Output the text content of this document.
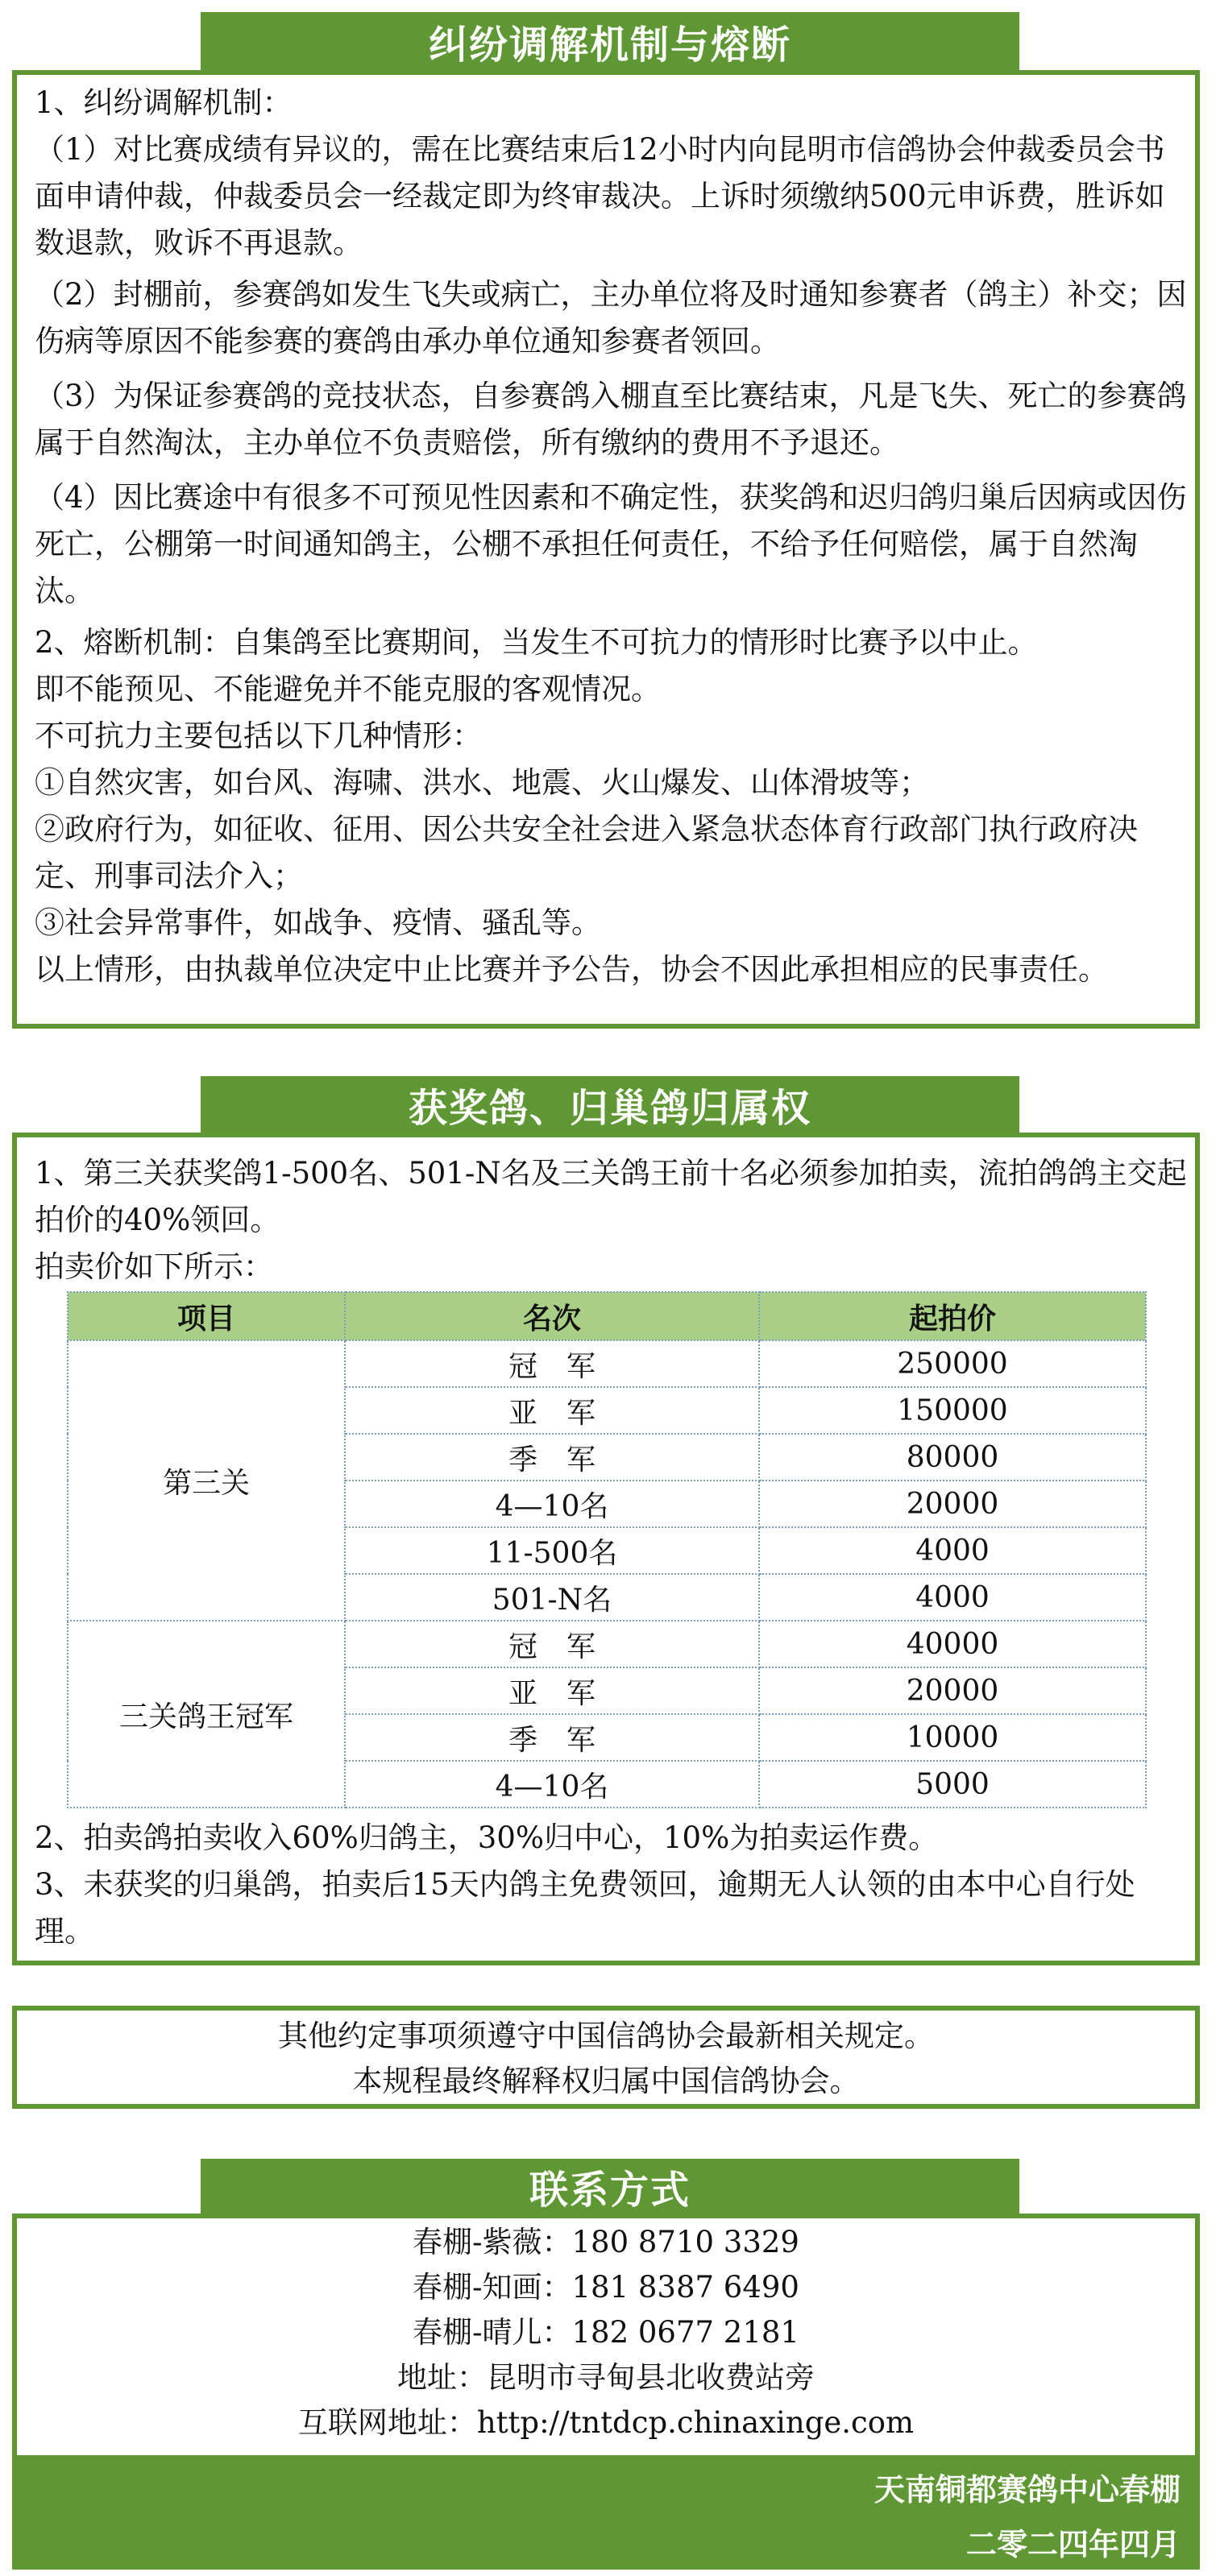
纠纷调解机制与熔断
1、纠纷调解机制：
（1）对比赛成绩有异议的，需在比赛结束后12小时内向昆明市信鸽协会仲裁委员会书面申请仲裁，仲裁委员会一经裁定即为终审裁决。上诉时须缴纳500元申诉费，胜诉如数退款，败诉不再退款。
（2）封棚前，参赛鸽如发生飞失或病亡，主办单位将及时通知参赛者（鸽主）补交；因伤病等原因不能参赛的赛鸽由承办单位通知参赛者领回。
（3）为保证参赛鸽的竞技状态，自参赛鸽入棚直至比赛结束，凡是飞失、死亡的参赛鸽属于自然淘汰，主办单位不负责赔偿，所有缴纳的费用不予退还。
（4）因比赛途中有很多不可预见性因素和不确定性，获奖鸽和迟归鸽归巢后因病或因伤死亡，公棚第一时间通知鸽主，公棚不承担任何责任，不给予任何赔偿，属于自然淘汰。
2、熔断机制：自集鸽至比赛期间，当发生不可抗力的情形时比赛予以中止。
即不能预见、不能避免并不能克服的客观情况。
不可抗力主要包括以下几种情形：
①自然灾害，如台风、海啸、洪水、地震、火山爆发、山体滑坡等；
②政府行为，如征收、征用、因公共安全社会进入紧急状态体育行政部门执行政府决定、刑事司法介入；
③社会异常事件，如战争、疫情、骚乱等。
以上情形，由执裁单位决定中止比赛并予公告，协会不因此承担相应的民事责任。
获奖鸽、归巢鸽归属权
1、第三关获奖鸽1-500名、501-N名及三关鸽王前十名必须参加拍卖，流拍鸽鸽主交起拍价的40%领回。
拍卖价如下所示：
项目	名次	起拍价
第三关	冠　军	250000
	亚　军	150000
	季　军	80000
	4—10名	20000
	11-500名	4000
	501-N名	4000
三关鸽王冠军	冠　军	40000
	亚　军	20000
	季　军	10000
	4—10名	5000
2、拍卖鸽拍卖收入60%归鸽主，30%归中心，10%为拍卖运作费。
3、未获奖的归巢鸽，拍卖后15天内鸽主免费领回，逾期无人认领的由本中心自行处理。
其他约定事项须遵守中国信鸽协会最新相关规定。
本规程最终解释权归属中国信鸽协会。
联系方式
春棚-紫薇：180 8710 3329
春棚-知画：181 8387 6490
春棚-晴儿：182 0677 2181
地址：昆明市寻甸县北收费站旁
互联网地址：http://tntdcp.chinaxinge.com
天南铜都赛鸽中心春棚
二零二四年四月
